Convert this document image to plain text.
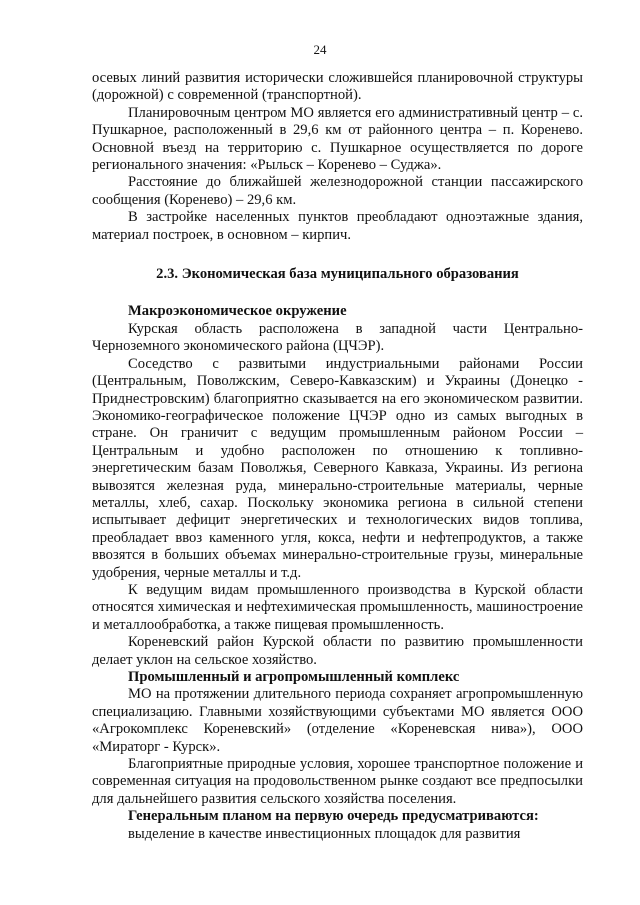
24

осевых линий развития исторически сложившейся планировочной структуры (дорожной) с современной (транспортной).

Планировочным центром МО является его административный центр – с. Пушкарное, расположенный в 29,6 км от районного центра – п. Коренево. Основной въезд на территорию с. Пушкарное осуществляется по дороге регионального значения: «Рыльск – Коренево – Суджа».

Расстояние до ближайшей железнодорожной станции пассажирского сообщения (Коренево) – 29,6 км.

В застройке населенных пунктов преобладают одноэтажные здания, материал построек, в основном – кирпич.

2.3. Экономическая база муниципального образования

Макроэкономическое окружение

Курская область расположена в западной части Центрально-Черноземного экономического района (ЦЧЭР).

Соседство с развитыми индустриальными районами России (Центральным, Поволжским, Северо-Кавказским) и Украины (Донецко - Приднестровским) благоприятно сказывается на его экономическом развитии. Экономико-географическое положение ЦЧЭР одно из самых выгодных в стране. Он граничит с ведущим промышленным районом России – Центральным и удобно расположен по отношению к топливно-энергетическим базам Поволжья, Северного Кавказа, Украины. Из региона вывозятся железная руда, минерально-строительные материалы, черные металлы, хлеб, сахар. Поскольку экономика региона в сильной степени испытывает дефицит энергетических и технологических видов топлива, преобладает ввоз каменного угля, кокса, нефти и нефтепродуктов, а также ввозятся в больших объемах минерально-строительные грузы, минеральные удобрения, черные металлы и т.д.

К ведущим видам промышленного производства в Курской области относятся химическая и нефтехимическая промышленность, машиностроение и металлообработка, а также пищевая промышленность.

Кореневский район Курской области по развитию промышленности делает уклон на сельское хозяйство.

Промышленный и агропромышленный комплекс

МО на протяжении длительного периода сохраняет агропромышленную специализацию. Главными хозяйствующими субъектами МО является ООО «Агрокомплекс Кореневский» (отделение «Кореневская нива»), ООО «Мираторг - Курск».

Благоприятные природные условия, хорошее транспортное положение и современная ситуация на продовольственном рынке создают все предпосылки для дальнейшего развития сельского хозяйства поселения.

Генеральным планом на первую очередь предусматриваются:

выделение в качестве инвестиционных площадок для развития
